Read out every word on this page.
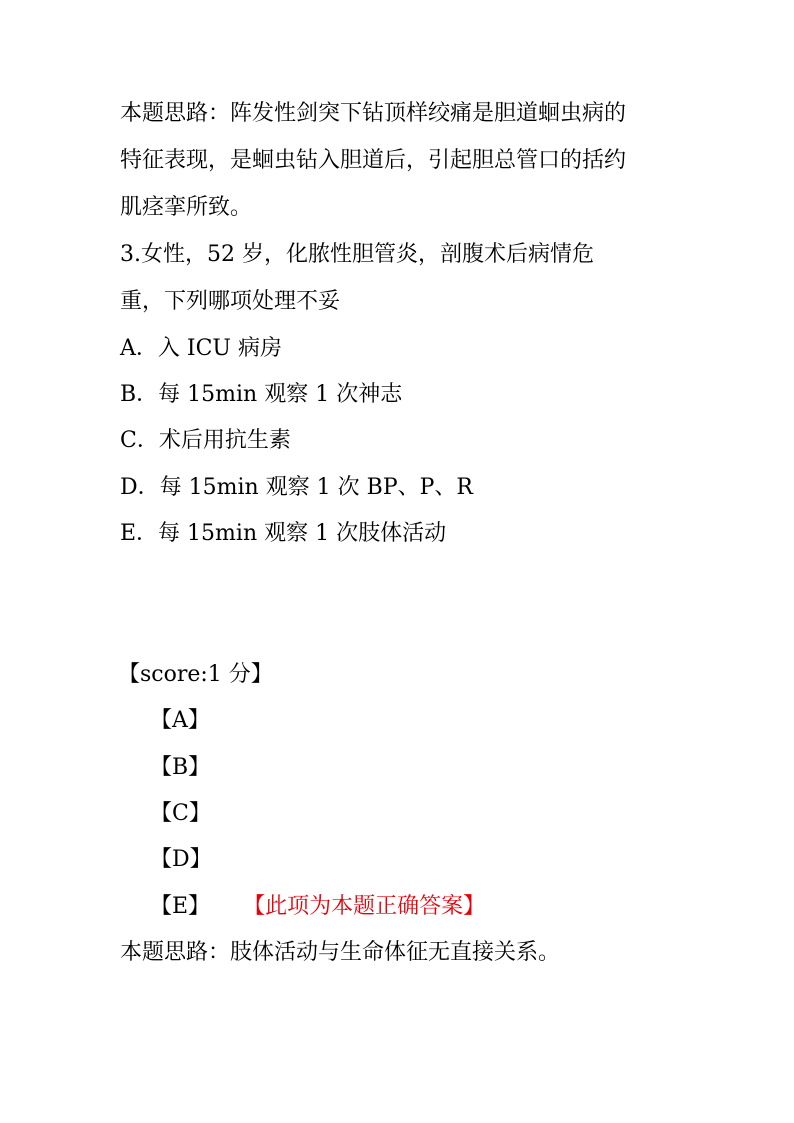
本题思路：阵发性剑突下钻顶样绞痛是胆道蛔虫病的
特征表现，是蛔虫钻入胆道后，引起胆总管口的括约
肌痉挛所致。
3.女性，52 岁，化脓性胆管炎，剖腹术后病情危
重，下列哪项处理不妥
A．入 ICU 病房
B．每 15min 观察 1 次神志
C．术后用抗生素
D．每 15min 观察 1 次 BP、P、R
E．每 15min 观察 1 次肢体活动
【score:1 分】
【A】
【B】
【C】
【D】
【E】 【此项为本题正确答案】
本题思路：肢体活动与生命体征无直接关系。
